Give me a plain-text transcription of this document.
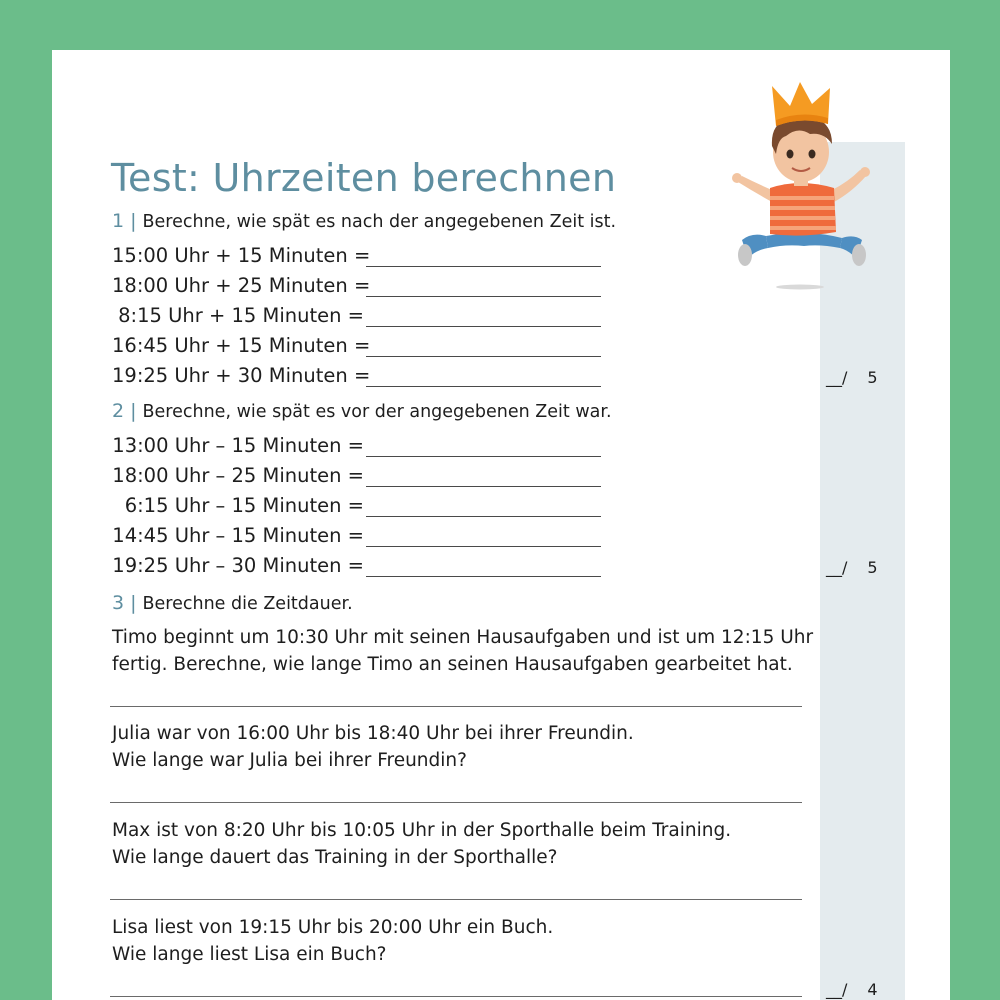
Test: Uhrzeiten berechnen
1 | Berechne, wie spät es nach der angegebenen Zeit ist.
15:00 Uhr + 15 Minuten =
18:00 Uhr + 25 Minuten =
8:15 Uhr + 15 Minuten =
16:45 Uhr + 15 Minuten =
19:25 Uhr + 30 Minuten =	__/ 5
2 | Berechne, wie spät es vor der angegebenen Zeit war.
13:00 Uhr – 15 Minuten =
18:00 Uhr – 25 Minuten =
6:15 Uhr – 15 Minuten =
14:45 Uhr – 15 Minuten =
19:25 Uhr – 30 Minuten =	__/ 5
3 | Berechne die Zeitdauer.
Timo beginnt um 10:30 Uhr mit seinen Hausaufgaben und ist um 12:15 Uhr
fertig. Berechne, wie lange Timo an seinen Hausaufgaben gearbeitet hat.
Julia war von 16:00 Uhr bis 18:40 Uhr bei ihrer Freundin.
Wie lange war Julia bei ihrer Freundin?
Max ist von 8:20 Uhr bis 10:05 Uhr in der Sporthalle beim Training.
Wie lange dauert das Training in der Sporthalle?
Lisa liest von 19:15 Uhr bis 20:00 Uhr ein Buch.
Wie lange liest Lisa ein Buch?
__/ 4
